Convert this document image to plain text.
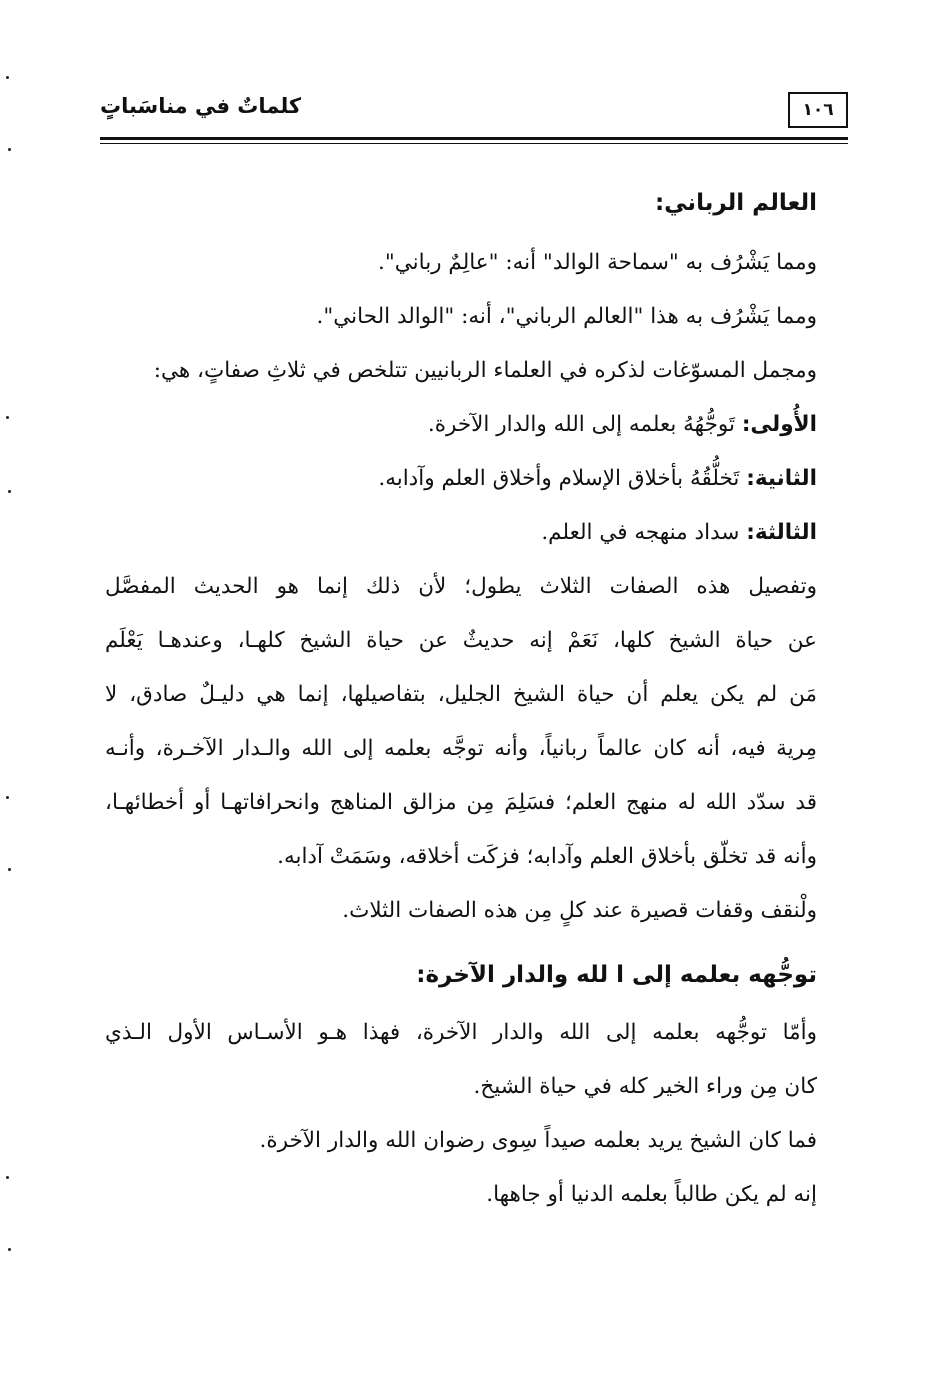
١٠٦
كلماتٌ في مناسَباتٍ
العالم الرباني:
ومما يَشْرُف به "سماحة الوالد" أنه: "عالِمٌ رباني".
ومما يَشْرُف به هذا "العالم الرباني"، أنه: "الوالد الحاني".
ومجمل المسوّغات لذكره في العلماء الربانيين تتلخص في ثلاثِ صفاتٍ، هي:
الأُولى: تَوجُّهُهُ بعلمه إلى الله والدار الآخرة.
الثانية: تَخلُّقُهُ بأخلاق الإسلام وأخلاق العلم وآدابه.
الثالثة: سداد منهجه في العلم.
وتفصيل هذه الصفات الثلاث يطول؛ لأن ذلك إنما هو الحديث المفصَّل
عن حياة الشيخ كلها، نَعَمْ إنه حديثٌ عن حياة الشيخ كلهـا، وعندهـا يَعْلَم
مَن لم يكن يعلم أن حياة الشيخ الجليل، بتفاصيلها، إنما هي دليـلٌ صادق، لا
مِرية فيه، أنه كان عالماً ربانياً، وأنه توجَّه بعلمه إلى الله والـدار الآخـرة، وأنـه
قد سدّد الله له منهج العلم؛ فسَلِمَ مِن مزالق المناهج وانحرافاتهـا أو أخطائهـا،
وأنه قد تخلّق بأخلاق العلم وآدابه؛ فزكَت أخلاقه، وسَمَتْ آدابه.
ولْنقف وقفات قصيرة عند كلٍ مِن هذه الصفات الثلاث.
توجُّهه بعلمه إلى ا لله والدار الآخرة:
وأمّا توجُّهه بعلمه إلى الله والدار الآخرة، فهذا هـو الأسـاس الأول الـذي
كان مِن وراء الخير كله في حياة الشيخ.
فما كان الشيخ يريد بعلمه صيداً سِوى رضوان الله والدار الآخرة.
إنه لم يكن طالباً بعلمه الدنيا أو جاهها.
